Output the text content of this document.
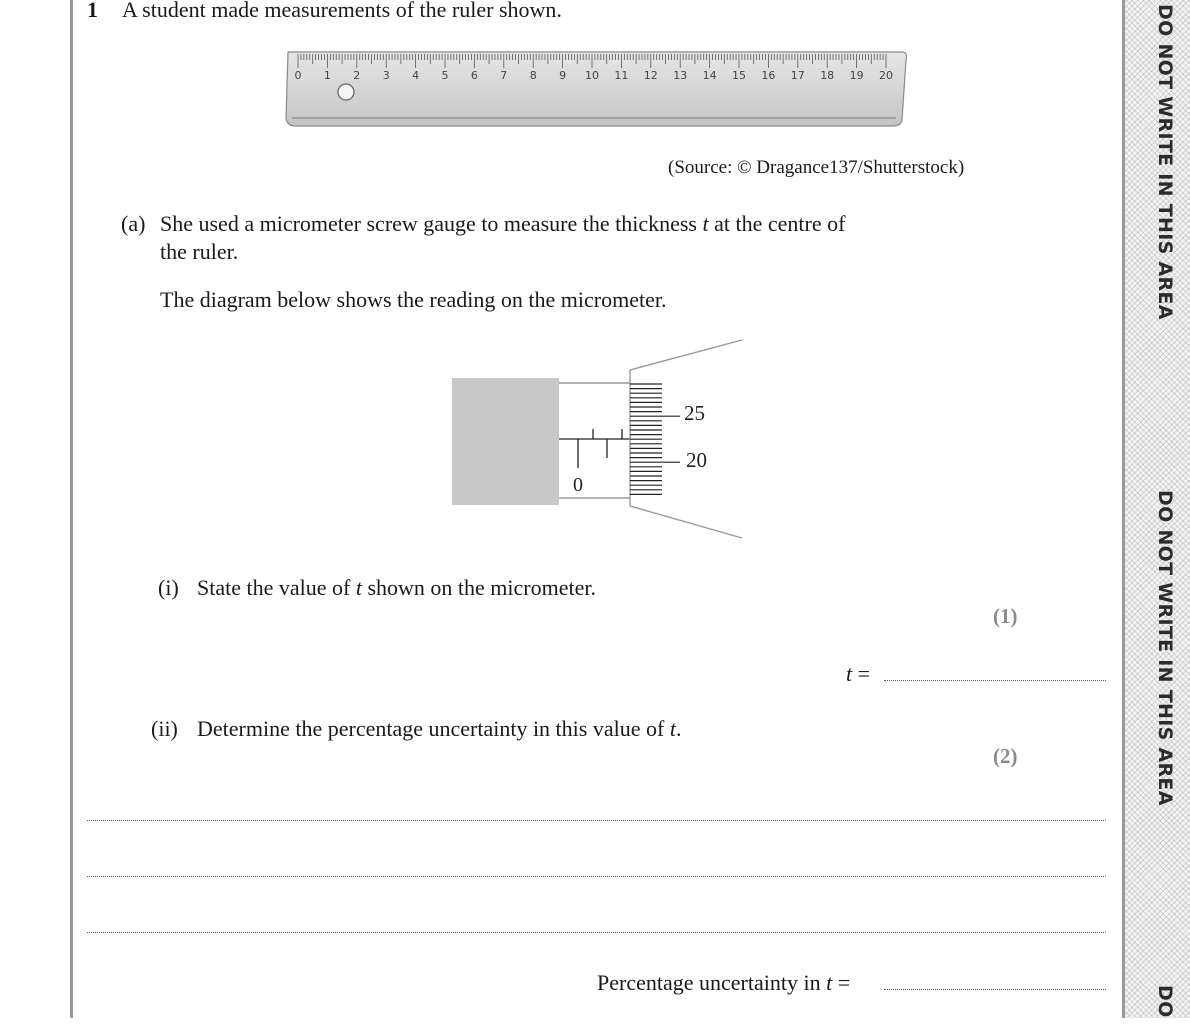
DO NOT WRITE IN THIS AREA
DO NOT WRITE IN THIS AREA
DO
1 A student made measurements of the ruler shown.
0 1 2 3 4 5 6 7 8 9 10 11 12 13 14 15 16 17 18 19 20
(Source: © Dragance137/Shutterstock)
(a) She used a micrometer screw gauge to measure the thickness t at the centre of
the ruler.
The diagram below shows the reading on the micrometer.
0
25
20
(i) State the value of t shown on the micrometer.
(1)
t =
(ii) Determine the percentage uncertainty in this value of t.
(2)
Percentage uncertainty in t =
